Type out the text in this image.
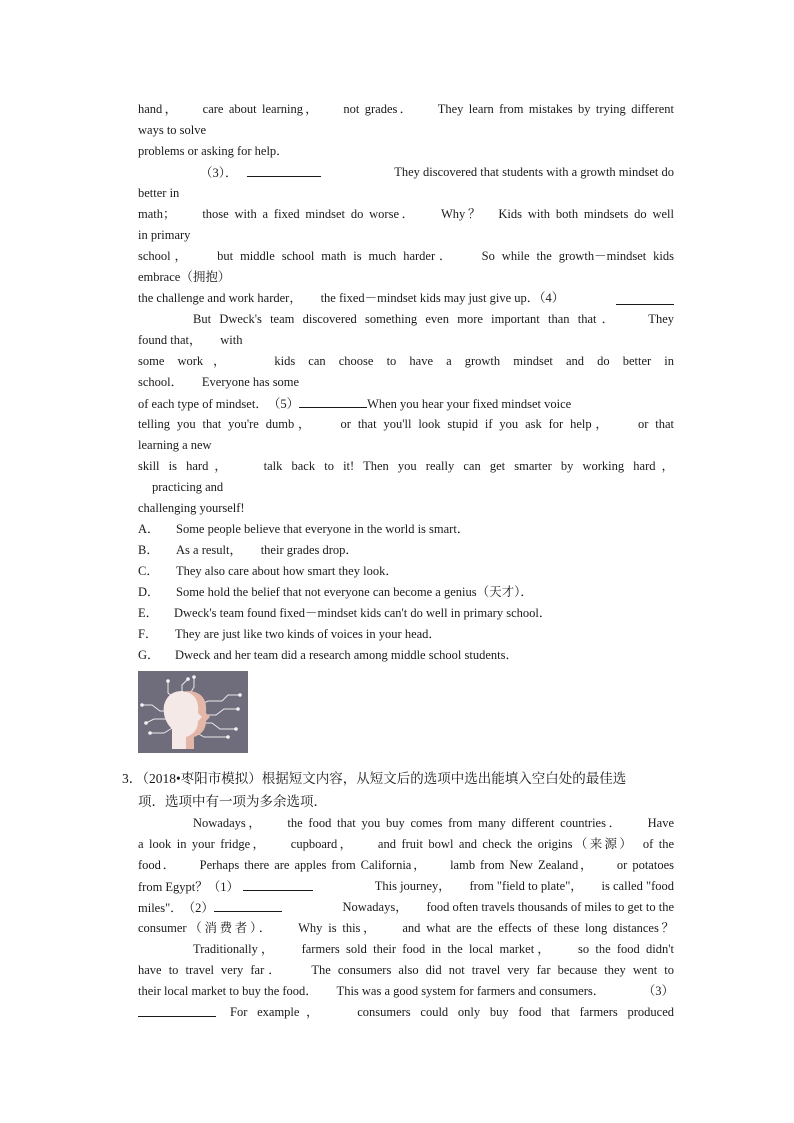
hand，　　care about learning，　　not grades．　　They learn from mistakes by trying different
ways to solve
problems or asking for help．
（3）．	They discovered that students with a growth mindset do
better in
math；　　those with a fixed mindset do worse．　　Why？　Kids with both mindsets do well
in primary
school，　　but middle school math is much harder．　　So while the growth－mindset kids
embrace（拥抱）
the challenge and work harder，　　the fixed－mindset kids may just give up．（4）
But Dweck's team discovered something even more important than that．　　They
found that，　　with
some work，　　kids can choose to have a growth mindset and do better in
school．　　Everyone has some
of each type of mindset．　（5）	When you hear your fixed mindset voice
telling you that you're dumb，　　or that you'll look stupid if you ask for help，　　or that
learning a new
skill is hard，　　talk back to it! Then you really can get smarter by working hard，
practicing and
challenging yourself!
A． Some people believe that everyone in the world is smart．
B． As a result，　　their grades drop．
C． They also care about how smart they look．
D． Some hold the belief that not everyone can become a genius（天才）．
E． Dweck's team found fixed－mindset kids can't do well in primary school．
F． They are just like two kinds of voices in your head．
G． Dweck and her team did a research among middle school students．
3．（2018•枣阳市模拟）根据短文内容，从短文后的选项中选出能填入空白处的最佳选
项．选项中有一项为多余选项．
Nowadays，　　the food that you buy comes from many different countries．　　Have
a look in your fridge，　　cupboard，　　and fruit bowl and check the origins（来源）　of the
food．　　Perhaps there are apples from California，　　lamb from New Zealand，　　or potatoes
from Egypt？（1）	This journey，　　from "field to plate"，　　is called "food
miles"．　（2）	Nowadays，　　food often travels thousands of miles to get to the
consumer（消费者）．　　Why is this，　　and what are the effects of these long distances？
Traditionally，　　farmers sold their food in the local market，　　so the food didn't
have to travel very far．　　The consumers also did not travel very far because they went to
their local market to buy the food．　　This was a good system for farmers and consumers．	（3）
For example，　　consumers could only buy food that farmers produced
